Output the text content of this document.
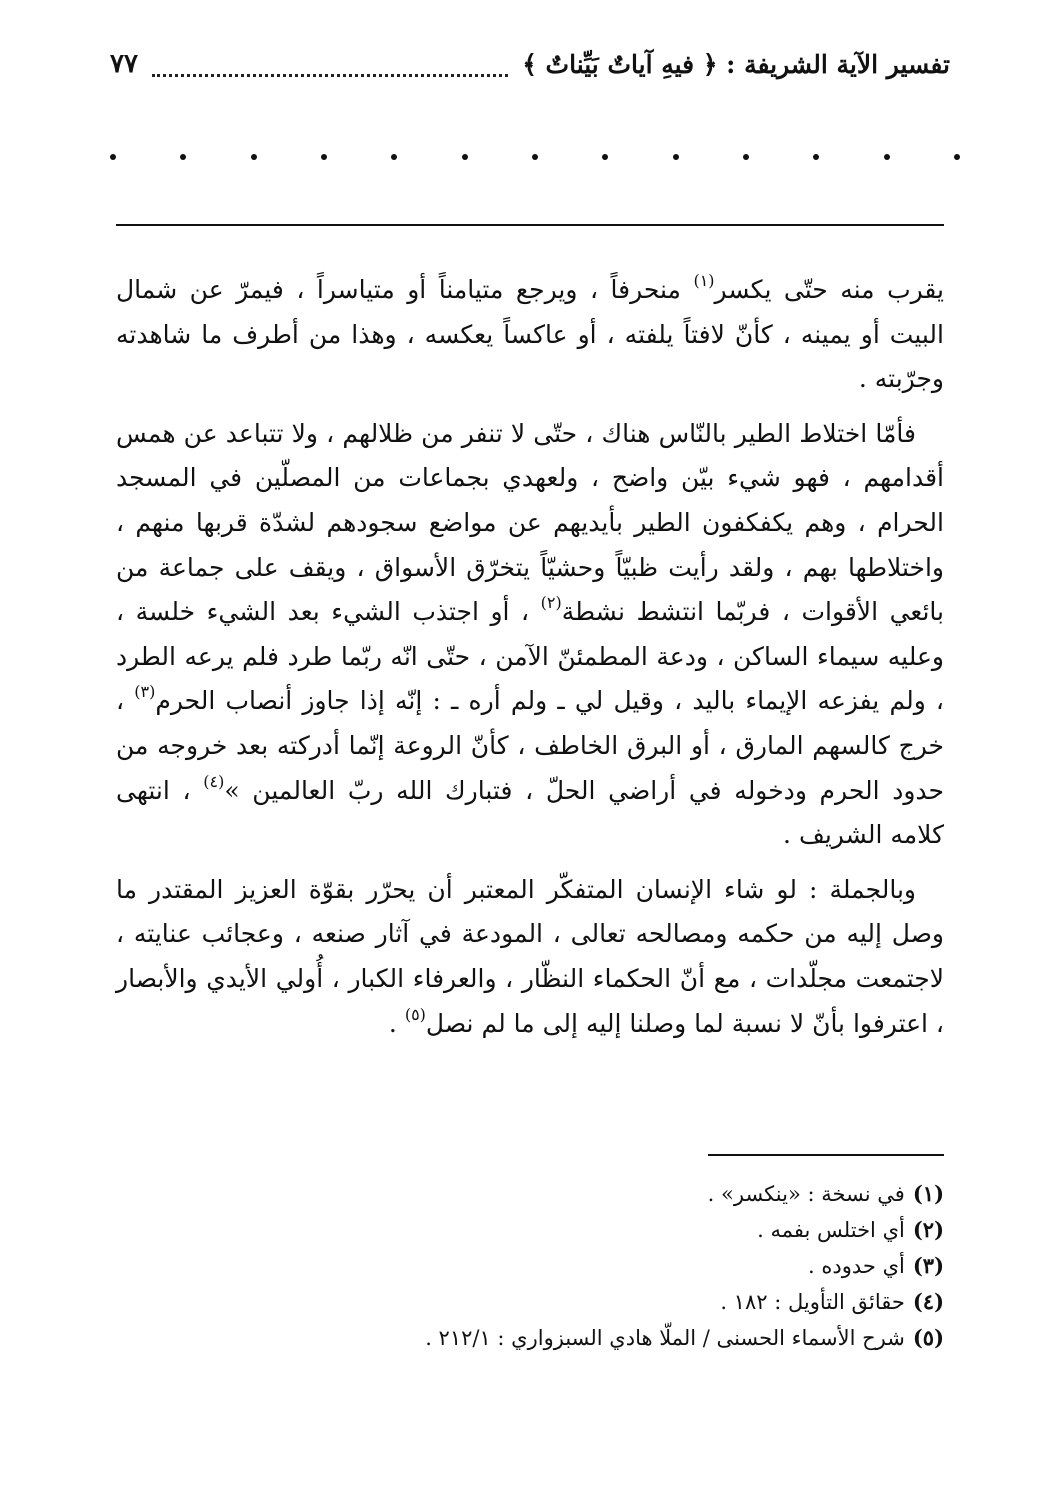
تفسير الآية الشريفة : ﴿ فيهِ آياتٌ بَيِّناتٌ ﴾
٧٧

يقرب منه حتّى يكسر$^{(١)}$ منحرفاً ، ويرجع متيامناً أو متياسراً ، فيمرّ عن شمال البيت أو يمينه ، كأنّ لافتاً يلفته ، أو عاكساً يعكسه ، وهذا من أطرف ما شاهدته وجرّبته .

فأمّا اختلاط الطير بالنّاس هناك ، حتّى لا تنفر من ظلالهم ، ولا تتباعد عن همس أقدامهم ، فهو شيء بيّن واضح ، ولعهدي بجماعات من المصلّين في المسجد الحرام ، وهم يكفكفون الطير بأيديهم عن مواضع سجودهم لشدّة قربها منهم ، واختلاطها بهم ، ولقد رأيت ظبيّاً وحشيّاً يتخرّق الأسواق ، ويقف على جماعة من بائعي الأقوات ، فربّما انتشط نشطة$^{(٢)}$ ، أو اجتذب الشيء بعد الشيء خلسة ، وعليه سيماء الساكن ، ودعة المطمئنّ الآمن ، حتّى انّه ربّما طرد فلم يرعه الطرد ، ولم يفزعه الإيماء باليد ، وقيل لي ـ ولم أره ـ : إنّه إذا جاوز أنصاب الحرم$^{(٣)}$ ، خرج كالسهم المارق ، أو البرق الخاطف ، كأنّ الروعة إنّما أدركته بعد خروجه من حدود الحرم ودخوله في أراضي الحلّ ، فتبارك الله ربّ العالمين »$^{(٤)}$ ، انتهى كلامه الشريف .

وبالجملة : لو شاء الإنسان المتفكّر المعتبر أن يحرّر بقوّة العزيز المقتدر ما وصل إليه من حكمه ومصالحه تعالى ، المودعة في آثار صنعه ، وعجائب عنايته ، لاجتمعت مجلّدات ، مع أنّ الحكماء النظّار ، والعرفاء الكبار ، أُولي الأيدي والأبصار ، اعترفوا بأنّ لا نسبة لما وصلنا إليه إلى ما لم نصل$^{(٥)}$ .

(١)في نسخة : «ينكسر» .
(٢)أي اختلس بفمه .
(٣)أي حدوده .
(٤)حقائق التأويل : ١٨٢ .
(٥)شرح الأسماء الحسنى / الملّا هادي السبزواري : ٢١٢/١ .
